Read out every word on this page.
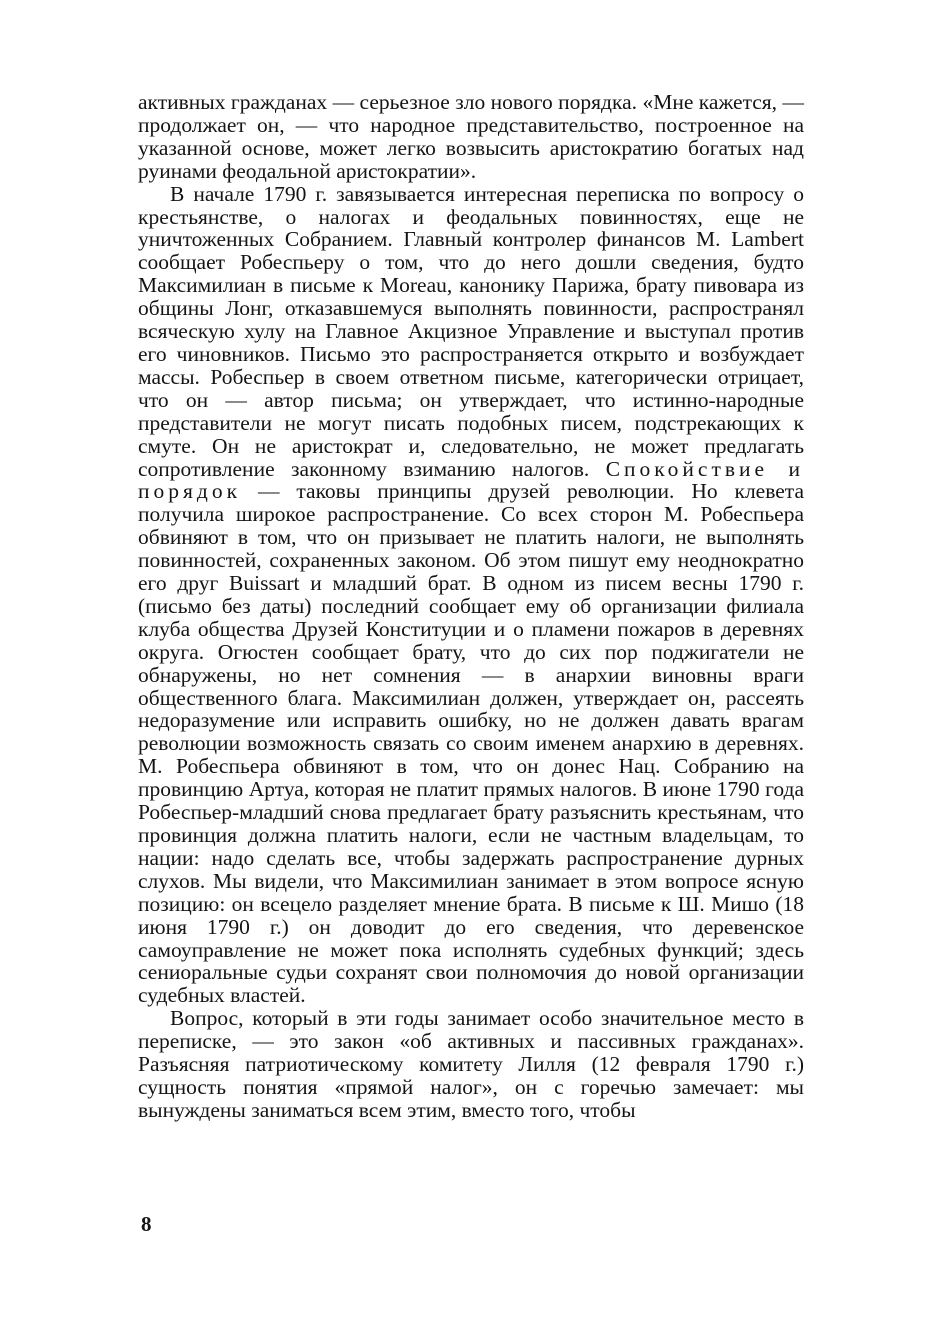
активных гражданах — серьезное зло нового порядка. «Мне кажется, — продолжает он, — что народное представительство, построенное на указанной основе, может легко возвысить аристократию богатых над руинами феодальной аристократии».

В начале 1790 г. завязывается интересная переписка по вопросу о крестьянстве, о налогах и феодальных повинностях, еще не уничтоженных Собранием. Главный контролер финансов M. Lambert сообщает Робеспьеру о том, что до него дошли сведения, будто Максимилиан в письме к Moreau, канонику Парижа, брату пивовара из общины Лонг, отказавшемуся выполнять повинности, распространял всяческую хулу на Главное Акцизное Управление и выступал против его чиновников. Письмо это распространяется открыто и возбуждает массы. Робеспьер в своем ответном письме, категорически отрицает, что он — автор письма; он утверждает, что истинно-народные представители не могут писать подобных писем, подстрекающих к смуте. Он не аристократ и, следовательно, не может предлагать сопротивление законному взиманию налогов. Спокойствие и порядок — таковы принципы друзей революции. Но клевета получила широкое распространение. Со всех сторон М. Робеспьера обвиняют в том, что он призывает не платить налоги, не выполнять повинностей, сохраненных законом. Об этом пишут ему неоднократно его друг Buissart и младший брат. В одном из писем весны 1790 г. (письмо без даты) последний сообщает ему об организации филиала клуба общества Друзей Конституции и о пламени пожаров в деревнях округа. Огюстен сообщает брату, что до сих пор поджигатели не обнаружены, но нет сомнения — в анархии виновны враги общественного блага. Максимилиан должен, утверждает он, рассеять недоразумение или исправить ошибку, но не должен давать врагам революции возможность связать со своим именем анархию в деревнях. М. Робеспьера обвиняют в том, что он донес Нац. Собранию на провинцию Артуа, которая не платит прямых налогов. В июне 1790 года Робеспьер-младший снова предлагает брату разъяснить крестьянам, что провинция должна платить налоги, если не частным владельцам, то нации: надо сделать все, чтобы задержать распространение дурных слухов. Мы видели, что Максимилиан занимает в этом вопросе ясную позицию: он всецело разделяет мнение брата. В письме к Ш. Мишо (18 июня 1790 г.) он доводит до его сведения, что деревенское самоуправление не может пока исполнять судебных функций; здесь сениоральные судьи сохранят свои полномочия до новой организации судебных властей.

Вопрос, который в эти годы занимает особо значительное место в переписке, — это закон «об активных и пассивных гражданах». Разъясняя патриотическому комитету Лилля (12 февраля 1790 г.) сущность понятия «прямой налог», он с горечью замечает: мы вынуждены заниматься всем этим, вместо того, чтобы

8
